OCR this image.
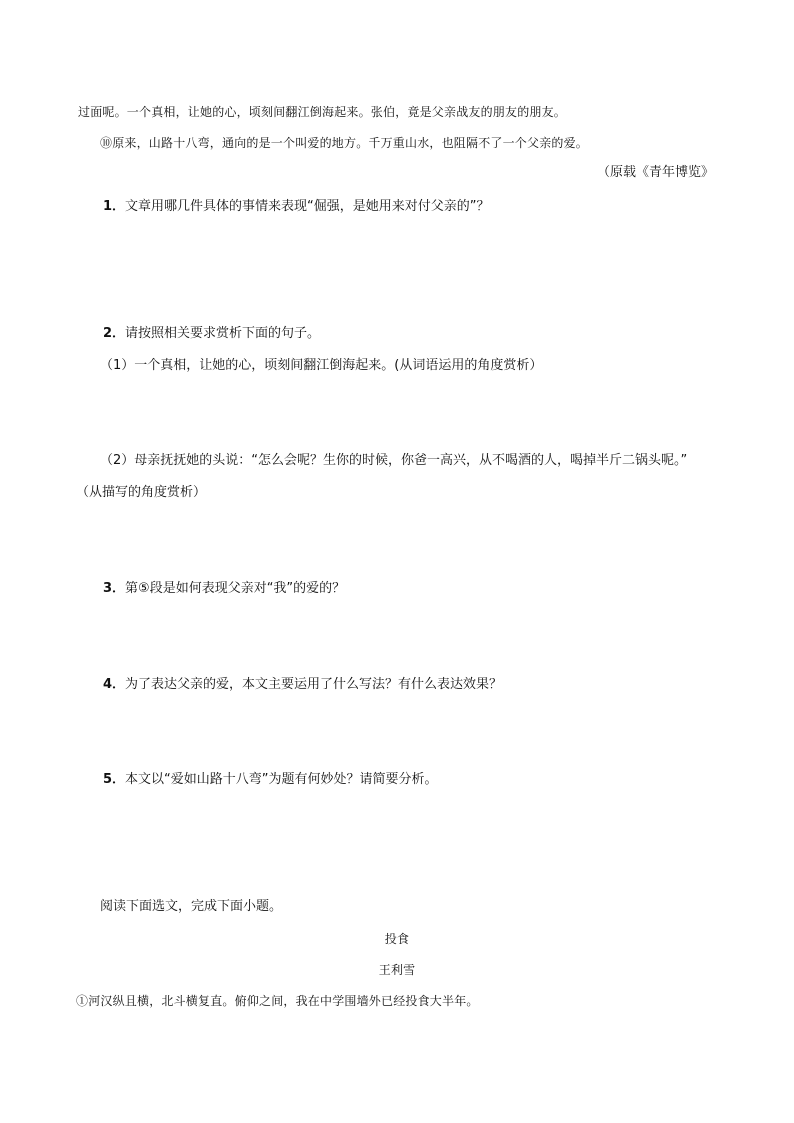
过面呢。一个真相，让她的心，顷刻间翻江倒海起来。张伯，竟是父亲战友的朋友的朋友。
⑩原来，山路十八弯，通向的是一个叫爱的地方。千万重山水，也阻隔不了一个父亲的爱。
（原载《青年博览》
1．文章用哪几件具体的事情来表现“倔强，是她用来对付父亲的”？
2．请按照相关要求赏析下面的句子。
（1）一个真相，让她的心，顷刻间翻江倒海起来。(从词语运用的角度赏析）
（2）母亲抚抚她的头说：“怎么会呢？生你的时候，你爸一高兴，从不喝酒的人，喝掉半斤二锅头呢。”
（从描写的角度赏析）
3．第⑤段是如何表现父亲对“我”的爱的？
4．为了表达父亲的爱，本文主要运用了什么写法？有什么表达效果？
5．本文以“爱如山路十八弯”为题有何妙处？请简要分析。
阅读下面选文，完成下面小题。
投食
王利雪
①河汉纵且横，北斗横复直。俯仰之间，我在中学围墙外已经投食大半年。
